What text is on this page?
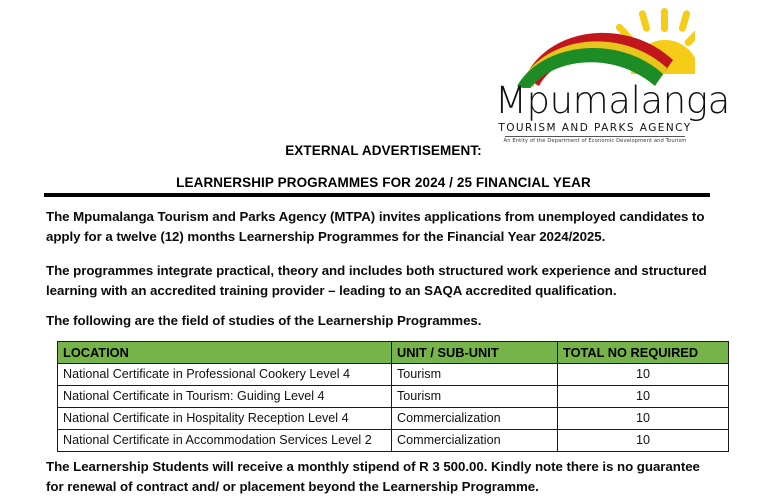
Mpumalanga
TOURISM AND PARKS AGENCY
An Entity of the Department of Economic Development and Tourism
EXTERNAL ADVERTISEMENT:
LEARNERSHIP PROGRAMMES FOR 2024 / 25 FINANCIAL YEAR
The Mpumalanga Tourism and Parks Agency (MTPA) invites applications from unemployed candidates to apply for a twelve (12) months Learnership Programmes for the Financial Year 2024/2025.
The programmes integrate practical, theory and includes both structured work experience and structured learning with an accredited training provider – leading to an SAQA accredited qualification.
The following are the field of studies of the Learnership Programmes.
LOCATION	UNIT / SUB-UNIT	TOTAL NO REQUIRED
National Certificate in Professional Cookery Level 4	Tourism	10
National Certificate in Tourism: Guiding Level 4	Tourism	10
National Certificate in Hospitality Reception Level 4	Commercialization	10
National Certificate in Accommodation Services Level 2	Commercialization	10
The Learnership Students will receive a monthly stipend of R 3 500.00. Kindly note there is no guarantee for renewal of contract and/ or placement beyond the Learnership Programme.
